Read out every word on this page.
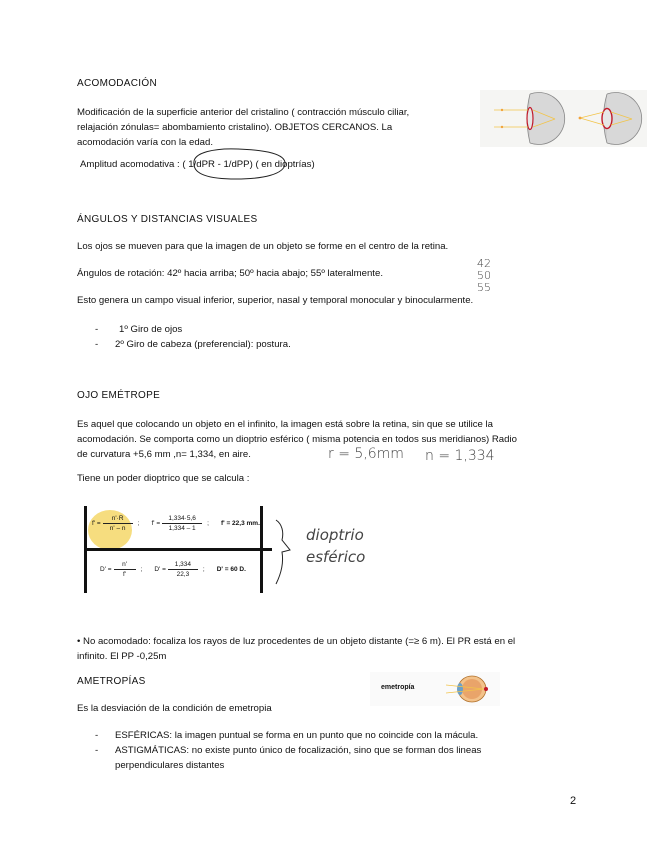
ACOMODACIÓN
Modificación de la superficie anterior del cristalino ( contracción músculo ciliar,
relajación zónulas= abombamiento cristalino). OBJETOS CERCANOS. La
acomodación varía con la edad.
Amplitud acomodativa : ( 1/dPR - 1/dPP) ( en dioptrías)
ÁNGULOS Y DISTANCIAS VISUALES
Los ojos se mueven para que la imagen de un objeto se forme en el centro de la retina.
Ángulos de rotación: 42º hacia arriba; 50º hacia abajo; 55º lateralmente.
42
50
55
Esto genera un campo visual inferior, superior, nasal y temporal monocular y binocularmente.
- 1º Giro de ojos
- 2º Giro de cabeza (preferencial): postura.
OJO EMÉTROPE
Es aquel que colocando un objeto en el infinito, la imagen está sobre la retina, sin que se utilice la
acomodación. Se comporta como un dioptrio esférico ( misma potencia en todos sus meridianos) Radio
de curvatura +5,6 mm ,n= 1,334, en aire.	r = 5,6mm n = 1,334
Tiene un poder dioptrico que se calcula :
$f' = \frac{n'\cdot R}{n' - n}$ ; $f' = \frac{1,334\cdot 5,6}{1,334 - 1}$ ; f' = 22,3 mm.
$D' = \frac{n'}{f'}$ ; $D' = \frac{1,334}{22,3}$ ; D' = 60 D.
dioptrio
esférico
• No acomodado: focaliza los rayos de luz procedentes de un objeto distante (=≥ 6 m). El PR está en el
infinito. El PP -0,25m
AMETROPÍAS
Es la desviación de la condición de emetropia
emetropía
- ESFÉRICAS: la imagen puntual se forma en un punto que no coincide con la mácula.
- ASTIGMÁTICAS: no existe punto único de focalización, sino que se forman dos lineas
perpendiculares distantes
2
